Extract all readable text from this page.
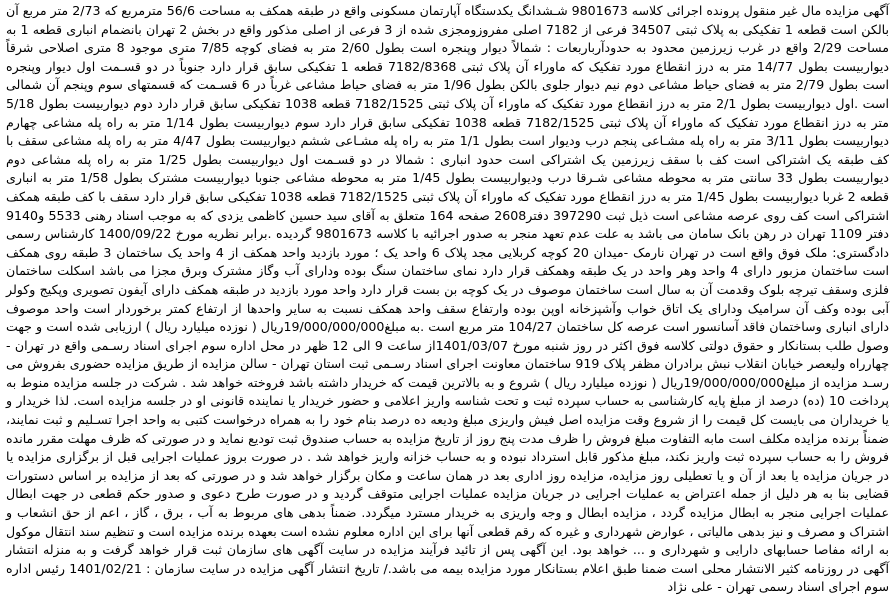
آگهی مزایده مال غیر منقول پرونده اجرائی کلاسه 9801673 شـشدانگ یکدستگاه آپارتمان مسکونی واقع در طبقه همکف به مساحت 56/6 مترمربع که 2/73 متر مربع آن بالکن است قطعه 1 تفکیکی به پلاک ثبتی 34507 فرعی از 7182 اصلی مفروزومجزی شده از 3 فرعی از اصلی مذکور واقع در بخش 2 تهران بانضمام انباری قطعه 1 به مساحت 2/29 واقع در غرب زیرزمین محدود به حدودآرباربعات : شمالاً دیوار وپنجره است بطول 2/60 متر به فضای کوچه 7/85 متری موجود 8 متری اصلاحی شرقاً دیواربیست بطول 14/77 متر به درز انقطاع مورد تفکیک که ماوراء آن پلاک ثبتی 7182/8368 قطعه 1 تفکیکی سابق قرار دارد جنوباً در دو قسـمت اول دیوار وپنجره است بطول 2/79 متر به فضای حیاط مشاعی دوم نیم دیوار جلوی بالکن بطول 1/96 متر به فضای حیاط مشاعی غرباً در 6 قسـمت که قسمتهای سوم وپنجم آن شمالی است .اول دیواربیست بطول 2/1 متر به درز انقطاع مورد تفکیک که ماوراء آن پلاک ثبتی 7182/1525 قطعه 1038 تفکیکی سابق قرار دارد دوم دیواربیست بطول 5/18 متر به درز انقطاع مورد تفکیک که ماوراء آن پلاک ثبتی 7182/1525 قطعه 1038 تفکیکی سابق قرار دارد سوم دیواربیست بطول 1/14 متر به راه پله مشاعی چهارم دیواربیست بطول 3/11 متر به راه پله مشـاعی پنجم درب ودیوار است بطول 1/1 متر به راه پله مشـاعی ششم دیواربیست بطول 4/47 متر به راه پله مشاعی سقف با کف طبقه یک اشتراکی است کف با سقف زیرزمین یک اشتراکی است حدود انباری : شمالا در دو قسـمت اول دیواربیست بطول 1/25 متر به راه پله مشاعی دوم دیواربیست بطول 33 سانتی متر به محوطه مشاعی شـرقا درب ودیواربیست بطول 1/45 متر به محوطه مشاعی جنوبا دیواربیست مشترک بطول 1/58 متر به انباری قطعه 2 غربا دیواربیست بطول 1/45 متر به درز انقطاع مورد تفکیک که ماوراء آن پلاک ثبتی 7182/1525 قطعه 1038 تفکیکی سابق قرار دارد سقف با کف طبقه همکف اشتراکی است کف روی عرصه مشاعی است ذیل ثبت 397290 دفتر2608 صفحه 164 متعلق به آقای سید حسین کاظمی یزدی که به موجب اسناد رهنی 5533 و9140 دفتر 1109 تهران در رهن بانک سامان می باشد به علت عدم تعهد منجر به صدور اجرائیه با کلاسه 9801673 گردیده .برابر نظریه مورخ 1400/09/22 کارشناس رسمی دادگستری: ملک فوق واقع است در تهران نارمک -میدان 20 کوچه کربلایی مجد پلاک 6 واحد یک ؛ مورد بازدید واحد همکف از 4 واحد یک ساختمان 3 طبقه روی همکف است ساختمان مزبور دارای 4 واحد وهر واحد در یک طبقه وهمکف قرار دارد نمای ساختمان سنگ بوده ودارای آب وگاز مشترک وبرق مجزا می باشد اسکلت ساختمان فلزی وسقف تیرچه بلوک وقدمت آن به سال است ساختمان موصوف در یک کوچه بن بست قرار دارد واحد مورد بازدید در طبقه همکف دارای آیفون تصویری وپکیج وکولر آبی بوده وکف آن سرامیک ودارای یک اتاق خواب وآشپزخانه اوپن بوده وارتفاع سقف واحد همکف نسبت به سایر واحدها از ارتفاع کمتر برخوردار است واحد موصوف دارای انباری وساختمان فاقد آسانسور است عرصه کل ساختمان 104/27 متر مربع است .به مبلغ19/000/000/000ریال ( نوزده میلیارد ریال ) ارزیابی شده است و جهت وصول طلب بستانکار و حقوق دولتی کلاسه فوق اکثر در روز شنبه مورخ 1401/03/07از ساعت 9 الی 12 ظهر در محل اداره سوم اجرای اسناد رسـمی واقع در تهران - چهارراه ولیعصر خیابان انقلاب نبش برادران مظفر پلاک 919 ساختمان معاونت اجرای اسناد رسـمی ثبت استان تهران - سالن مزایده از طریق مزایده حضوری بفروش می رسـد مزایده از مبلغ19/000/000/000ریال ( نوزده میلیارد ریال ) شروع و به بالاترین قیمت که خریدار داشته باشد فروخته خواهد شد . شرکت در جلسه مزایده منوط به پرداخت 10 (ده) درصد از مبلغ پایه کارشناسی به حساب سپرده ثبت و تحت شناسه واریز اعلامی و حضور خریدار یا نماینده قانونی او در جلسه مزایده است. لذا خریدار و یا خریداران می بایست کل قیمت را از شروع وقت مزایده اصل فیش واریزی مبلغ ودیعه ده درصد بنام خود را به همراه درخواست کتبی به واحد اجرا تسـلیم و ثبت نمایند، ضمناً برنده مزایده مکلف است مابه التفاوت مبلغ فروش را ظرف مدت پنج روز از تاریخ مزایده به حساب صندوق ثبت تودیع نماید و در صورتی که ظرف مهلت مقرر مانده فروش را به حساب سپرده ثبت واریز نکند، مبلغ مذکور قابل استرداد نبوده و به حساب خزانه واریز خواهد شد . در صورت بروز عملیات اجرایی قبل از برگزاری مزایده یا در جریان مزایده یا بعد از آن و یا تعطیلی روز مزایده، مزایده روز اداری بعد در همان ساعت و مکان برگزار خواهد شد و در صورتی که بعد از مزایده بر اساس دستورات قضایی بنا به هر دلیل از جمله اعتراض به عملیات اجرایی در جریان مزایده عملیات اجرایی متوقف گردید و در صورت طرح دعوی و صدور حکم قطعی در جهت ابطال عملیات اجرایی منجر به ابطال مزایده گردد ، مزایده ابطال و وجه واریزی به خریدار مسترد میگردد. ضمناً بدهی های مربوط به آب ، برق ، گاز ، اعم از حق انشعاب و اشتراک و مصرف و نیز بدهی مالیاتی ، عوارض شهرداری و غیره که رقم قطعی آنها برای این اداره معلوم نشده است بعهده برنده مزایده است و تنظیم سند انتقال موکول به ارائه مفاصا حسابهای دارایی و شهرداری و ... خواهد بود. این آگهی پس از تائید فرآیند مزایده در سایت آگهی های سازمان ثبت قرار خواهد گرفت و به منزله انتشار آگهی در روزنامه کثیر الانتشار محلی است ضمنا طبق اعلام بستانکار مورد مزایده بیمه می باشد./ تاریخ انتشار آگهی مزایده در سایت سازمان : 1401/02/21 رئیس اداره سوم اجرای اسناد رسمی تهران - علی نژاد
